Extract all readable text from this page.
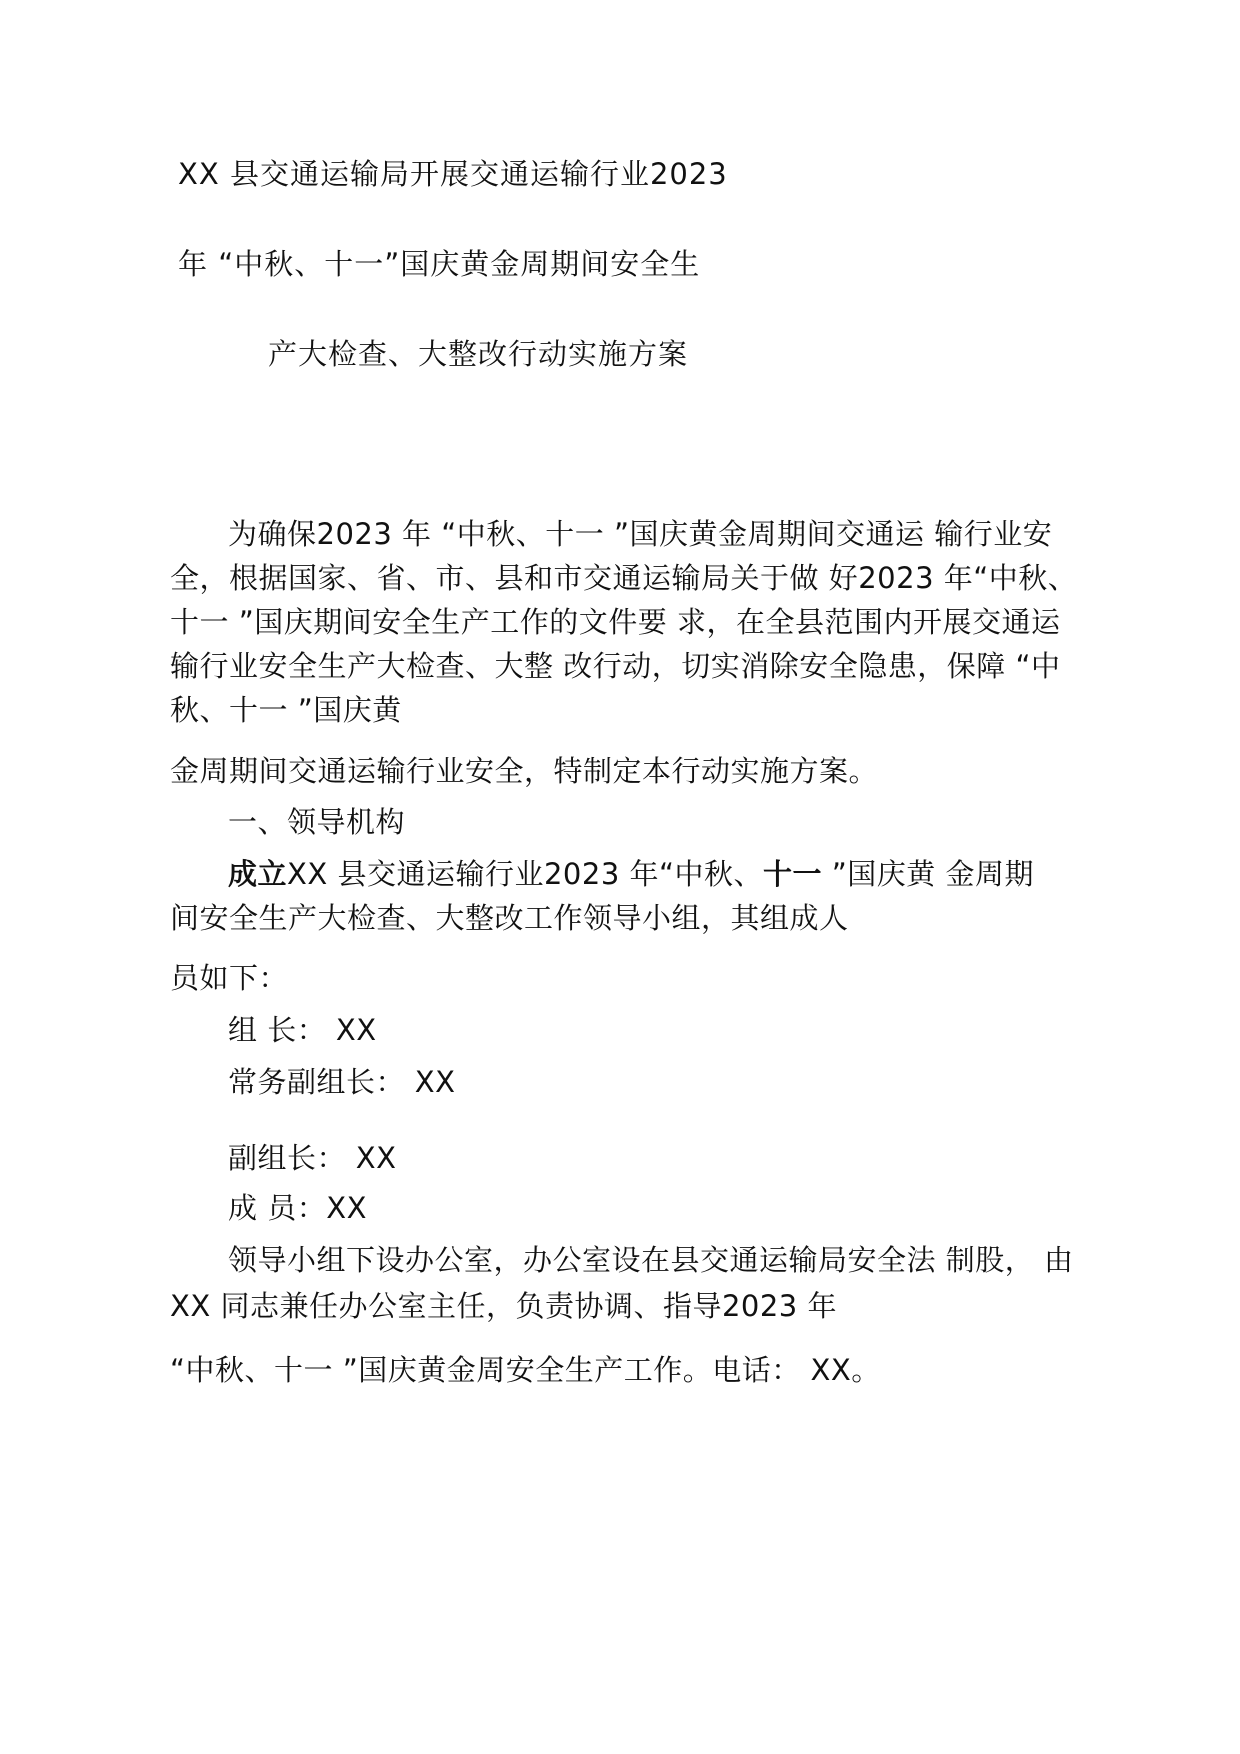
XX 县交通运输局开展交通运输行业2023
年 “中秋、十一”国庆黄金周期间安全生
产大检查、大整改行动实施方案
为确保2023 年 “中秋、十一 ”国庆黄金周期间交通运 输行业安
全，根据国家、省、市、县和市交通运输局关于做 好2023 年“中秋、
十一 ”国庆期间安全生产工作的文件要 求，在全县范围内开展交通运
输行业安全生产大检查、大整 改行动，切实消除安全隐患，保障 “中
秋、十一 ”国庆黄
金周期间交通运输行业安全，特制定本行动实施方案。
一、领导机构
成立XX 县交通运输行业2023 年“中秋、十一 ”国庆黄 金周期
间安全生产大检查、大整改工作领导小组，其组成人
员如下：
组 长： XX
常务副组长： XX
副组长： XX
成 员：XX
领导小组下设办公室，办公室设在县交通运输局安全法 制股， 由
XX 同志兼任办公室主任，负责协调、指导2023 年
“中秋、十一 ”国庆黄金周安全生产工作。电话： XX。
